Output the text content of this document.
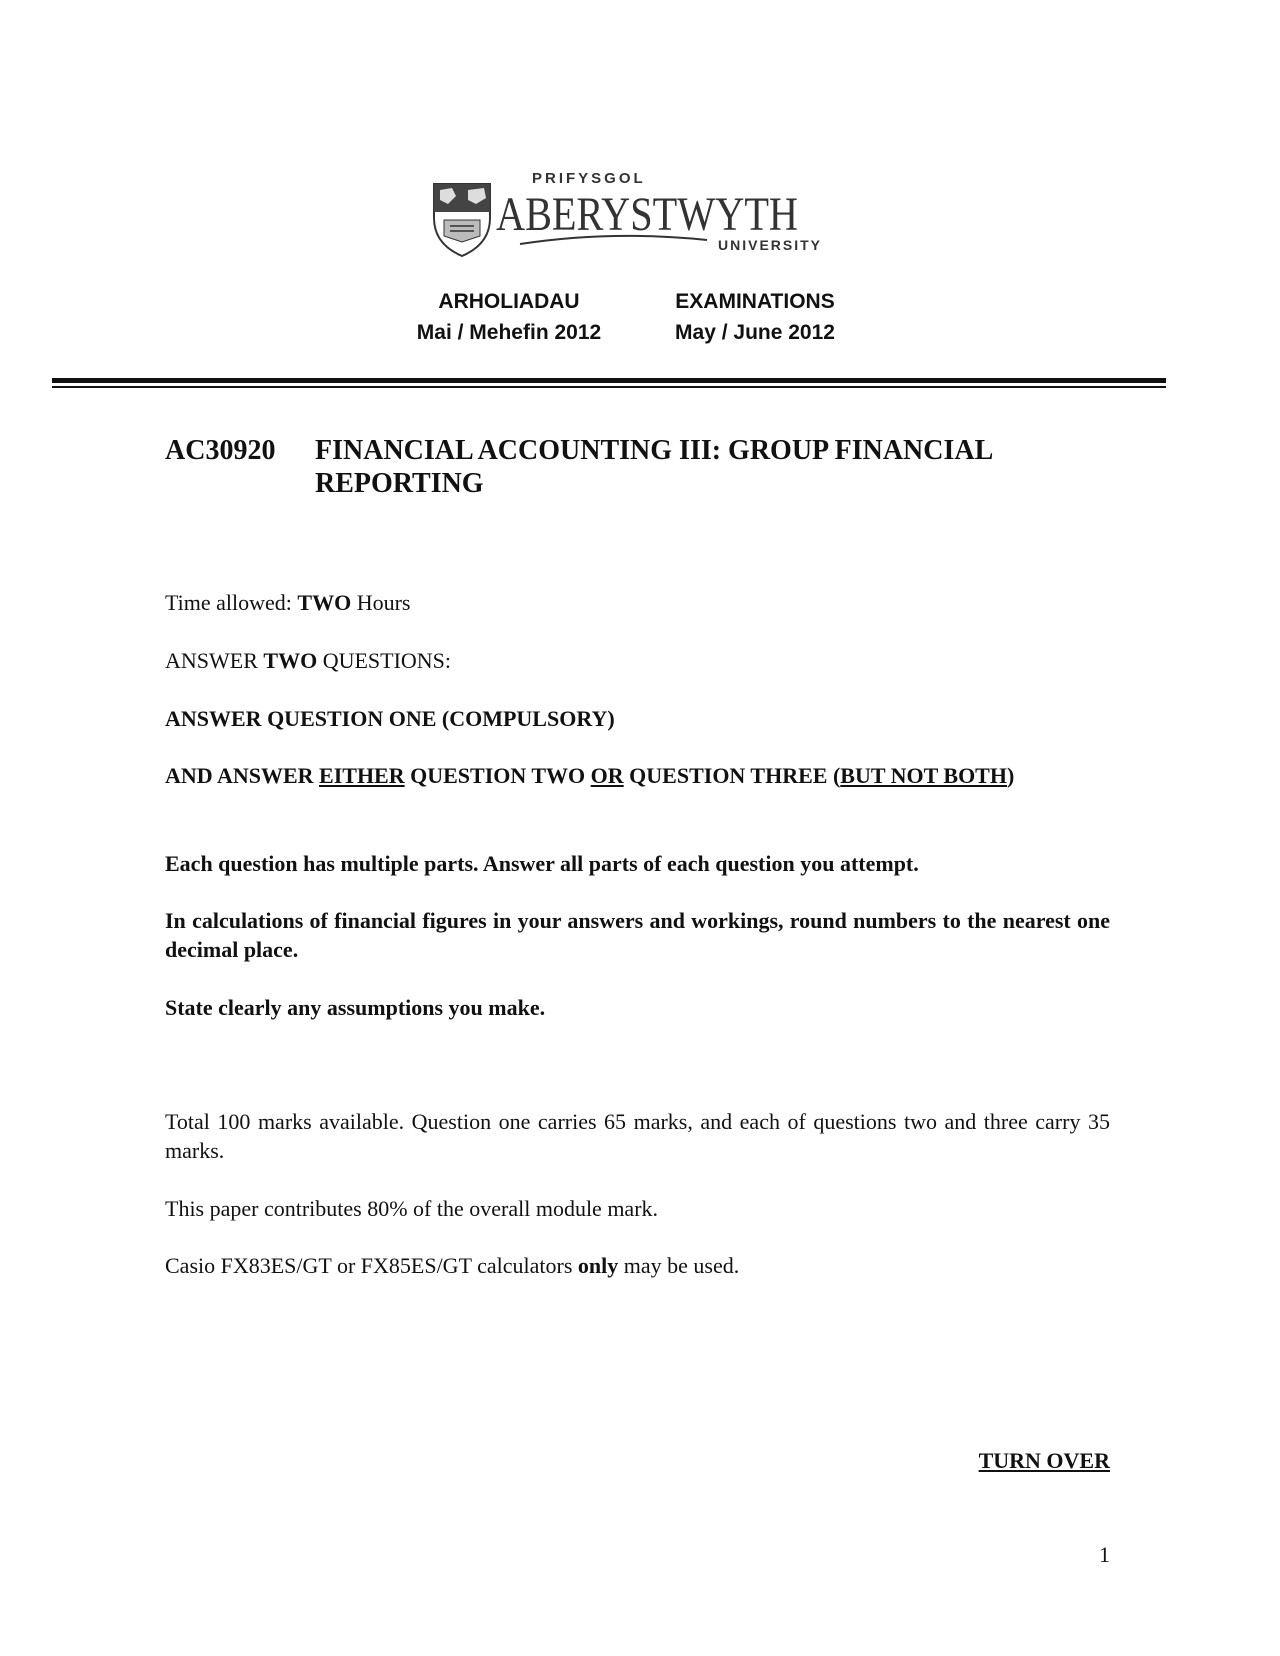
PRIFYSGOL
ABERYSTWYTH
UNIVERSITY
ARHOLIADAU
Mai / Mehefin 2012
EXAMINATIONS
May / June 2012
AC30920 FINANCIAL ACCOUNTING III: GROUP FINANCIAL REPORTING
Time allowed: TWO Hours
ANSWER TWO QUESTIONS:
ANSWER QUESTION ONE (COMPULSORY)
AND ANSWER EITHER QUESTION TWO OR QUESTION THREE (BUT NOT BOTH)
Each question has multiple parts. Answer all parts of each question you attempt.
In calculations of financial figures in your answers and workings, round numbers to the nearest one decimal place.
State clearly any assumptions you make.
Total 100 marks available. Question one carries 65 marks, and each of questions two and three carry 35 marks.
This paper contributes 80% of the overall module mark.
Casio FX83ES/GT or FX85ES/GT calculators only may be used.
TURN OVER
1
